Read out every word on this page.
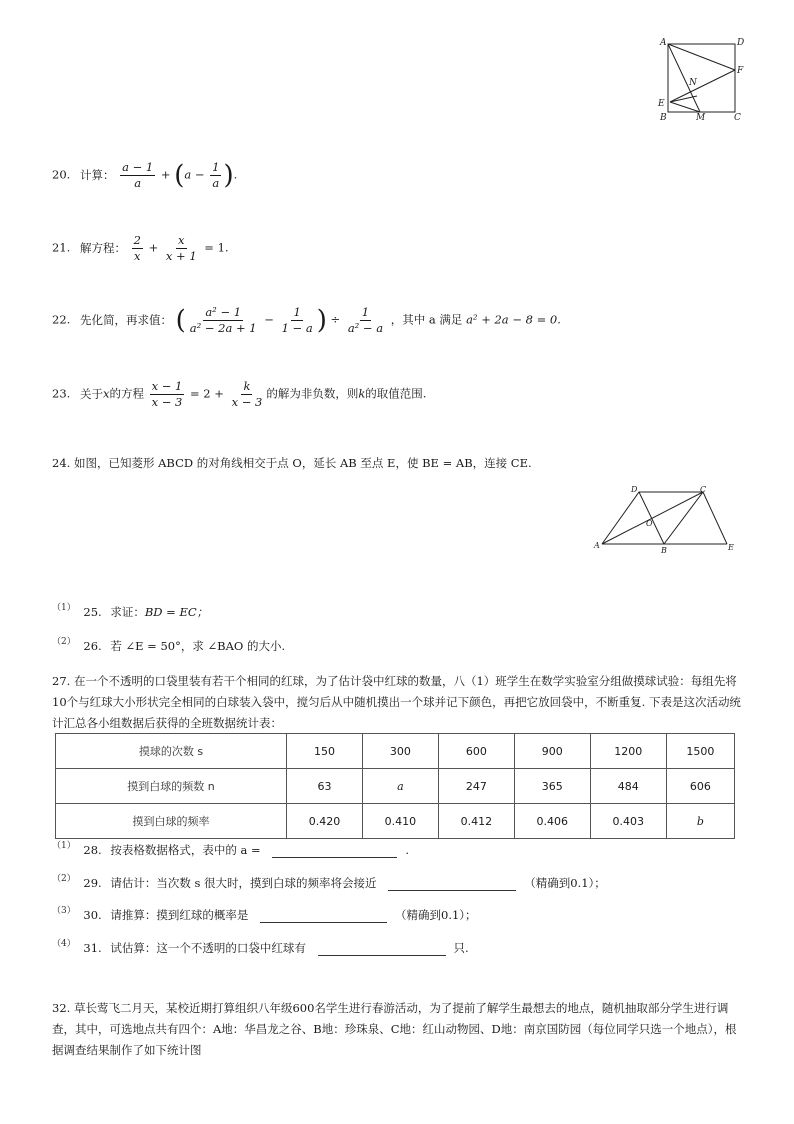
A	D
F
N
E
B	M	C
20. 计算： $\frac{a - 1}{a} + (a - \frac{1}{a}$ ).
21. 解方程： $\frac{2}{x} + \frac{x}{x + 1} = 1$.
22. 先化简，再求值： ( $\frac{\text{a² − 1}}{\text{a² − 2a + 1}} - \frac{1}{1 - a}$ ) ÷ $\frac{1}{\text{a² − a}}$ ，其中 a 满足 a² + 2a − 8 = 0.
23. 关于x的方程 $\frac{x - 1}{x - 3} = 2 + \frac{k}{x - 3}$ 的解为非负数，则k的取值范围.
24. 如图，已知菱形 ABCD 的对角线相交于点 O，延长 AB 至点 E，使 BE = AB，连接 CE.
D	C
O
A
B	E
$^{(1)}$ 25. 求证：BD = EC；
$^{(2)}$ 26. 若 ∠E = 50°，求 ∠BAO 的大小.
27. 在一个不透明的口袋里装有若干个相同的红球，为了估计袋中红球的数量，八（1）班学生在数学实验室分组做摸球试验：每组先将10个与红球大小形状完全相同的白球装入袋中，搅匀后从中随机摸出一个球并记下颜色，再把它放回袋中，不断重复. 下表是这次活动统计汇总各小组数据后获得的全班数据统计表：
摸球的次数 s	150	300	600	900	1200	1500
摸到白球的频数 n	63	a	247	365	484	606
摸到白球的频率	0.420	0.410	0.412	0.406	0.403	b
$^{(1)}$ 28. 按表格数据格式，表中的 a =	.
$^{(2)}$ 29. 请估计：当次数 s 很大时，摸到白球的频率将会接近	（精确到0.1）；
$^{(3)}$ 30. 请推算：摸到红球的概率是	（精确到0.1）；
$^{(4)}$ 31. 试估算：这一个不透明的口袋中红球有	只.
32. 草长莺飞二月天，某校近期打算组织八年级600名学生进行春游活动，为了提前了解学生最想去的地点，随机抽取部分学生进行调查，其中，可选地点共有四个：A地：华昌龙之谷、B地：珍珠泉、C地：红山动物园、D地：南京国防园（每位同学只选一个地点），根据调查结果制作了如下统计图
